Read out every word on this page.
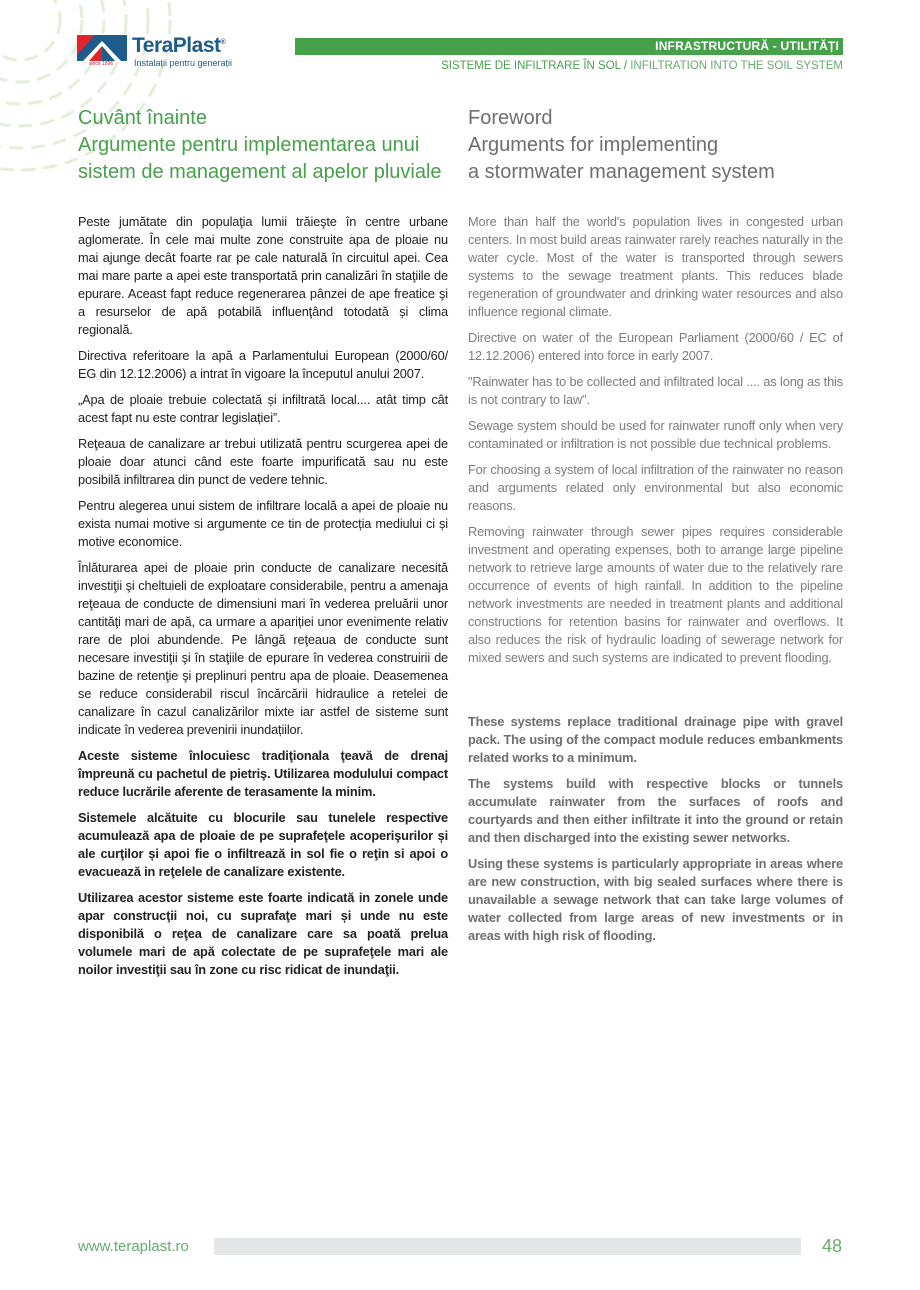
since 1896
TeraPlast®
Instalații pentru generații
INFRASTRUCTURĂ - UTILITĂȚI
SISTEME DE INFILTRARE ÎN SOL / INFILTRATION INTO THE SOIL SYSTEM
Cuvânt înainte
Argumente pentru implementarea unui
sistem de management al apelor pluviale

Peste jumătate din populaţia lumii trăieşte în centre urbane aglomerate. În cele mai multe zone construite apa de ploaie nu mai ajunge decât foarte rar pe cale naturală în circuitul apei. Cea mai mare parte a apei este transportată prin canalizări în staţiile de epurare. Aceast fapt reduce regenerarea pânzei de ape freatice şi a resurselor de apă potabilă influenţând totodată și clima regională.

Directiva referitoare la apă a Parlamentului European (2000/60/ EG din 12.12.2006) a intrat în vigoare la începutul anului 2007.

„Apa de ploaie trebuie colectată și infiltrată local.... atât timp cât acest fapt nu este contrar legislației”.

Reţeaua de canalizare ar trebui utilizată pentru scurgerea apei de ploaie doar atunci când este foarte impurificată sau nu este posibilă infiltrarea din punct de vedere tehnic.

Pentru alegerea unui sistem de infiltrare locală a apei de ploaie nu exista numai motive si argumente ce tin de protecția mediului ci și motive economice.

Înlăturarea apei de ploaie prin conducte de canalizare necesită investiţii şi cheltuieli de exploatare considerabile, pentru a amenaja reţeaua de conducte de dimensiuni mari în vederea preluării unor cantităţi mari de apă, ca urmare a apariției unor evenimente relativ rare de ploi abundende. Pe lângă reţeaua de conducte sunt necesare investiţii şi în staţiile de epurare în vederea construirii de bazine de retenţie şi preplinuri pentru apa de ploaie. Deasemenea se reduce considerabil riscul încărcării hidraulice a retelei de canalizare în cazul canalizărilor mixte iar astfel de sisteme sunt indicate în vederea prevenirii inundațiilor.

Aceste sisteme înlocuiesc tradiţionala ţeavă de drenaj împreună cu pachetul de pietriş. Utilizarea modulului compact reduce lucrările aferente de terasamente la minim.

Sistemele alcătuite cu blocurile sau tunelele respective acumulează apa de ploaie de pe suprafeţele acoperişurilor și ale curţilor și apoi fie o infiltrează in sol fie o reţin si apoi o evacuează in reţelele de canalizare existente.

Utilizarea acestor sisteme este foarte indicată in zonele unde apar construcţii noi, cu suprafaţe mari și unde nu este disponibilă o reţea de canalizare care sa poată prelua volumele mari de apă colectate de pe suprafeţele mari ale noilor investiţii sau în zone cu risc ridicat de inundaţii.

Foreword
Arguments for implementing
a stormwater management system

More than half the world's population lives in congested urban centers. In most build areas rainwater rarely reaches naturally in the water cycle. Most of the water is transported through sewers systems to the sewage treatment plants. This reduces blade regeneration of groundwater and drinking water resources and also influence regional climate.

Directive on water of the European Parliament (2000/60 / EC of 12.12.2006) entered into force in early 2007.

"Rainwater has to be collected and infiltrated local .... as long as this is not contrary to law".

Sewage system should be used for rainwater runoff only when very contaminated or infiltration is not possible due technical problems.

For choosing a system of local infiltration of the rainwater no reason and arguments related only environmental but also economic reasons.

Removing rainwater through sewer pipes requires considerable investment and operating expenses, both to arrange large pipeline network to retrieve large amounts of water due to the relatively rare occurrence of events of high rainfall. In addition to the pipeline network investments are needed in treatment plants and additional constructions for retention basins for rainwater and overflows. It also reduces the risk of hydraulic loading of sewerage network for mixed sewers and such systems are indicated to prevent flooding.

These systems replace traditional drainage pipe with gravel pack. The using of the compact module reduces embankments related works to a minimum.

The systems build with respective blocks or tunnels accumulate rainwater from the surfaces of roofs and courtyards and then either infiltrate it into the ground or retain and then discharged into the existing sewer networks.

Using these systems is particularly appropriate in areas where are new construction, with big sealed surfaces where there is unavailable a sewage network that can take large volumes of water collected from large areas of new investments or in areas with high risk of flooding.

www.teraplast.ro	48
